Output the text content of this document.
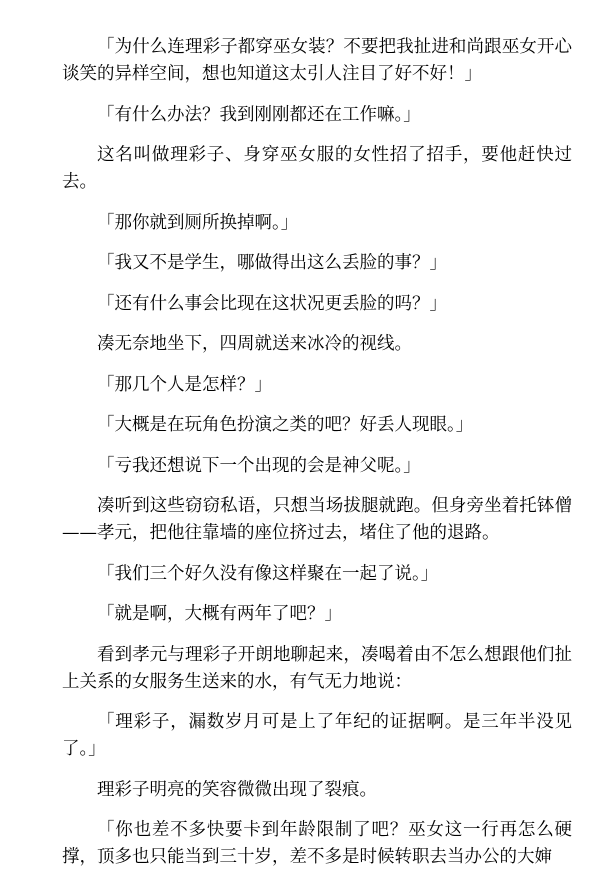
「为什么连理彩子都穿巫女装？不要把我扯进和尚跟巫女开心谈笑的异样空间，想也知道这太引人注目了好不好！」

「有什么办法？我到刚刚都还在工作嘛。」

这名叫做理彩子、身穿巫女服的女性招了招手，要他赶快过去。

「那你就到厕所换掉啊。」

「我又不是学生，哪做得出这么丢脸的事？」

「还有什么事会比现在这状况更丢脸的吗？」

凑无奈地坐下，四周就送来冰冷的视线。

「那几个人是怎样？」

「大概是在玩角色扮演之类的吧？好丢人现眼。」

「亏我还想说下一个出现的会是神父呢。」

凑听到这些窃窃私语，只想当场拔腿就跑。但身旁坐着托钵僧——孝元，把他往靠墙的座位挤过去，堵住了他的退路。

「我们三个好久没有像这样聚在一起了说。」

「就是啊，大概有两年了吧？」

看到孝元与理彩子开朗地聊起来，凑喝着由不怎么想跟他们扯上关系的女服务生送来的水，有气无力地说：

「理彩子，漏数岁月可是上了年纪的证据啊。是三年半没见了。」

理彩子明亮的笑容微微出现了裂痕。

「你也差不多快要卡到年龄限制了吧？巫女这一行再怎么硬撑，顶多也只能当到三十岁，差不多是时候转职去当办公的大婶
